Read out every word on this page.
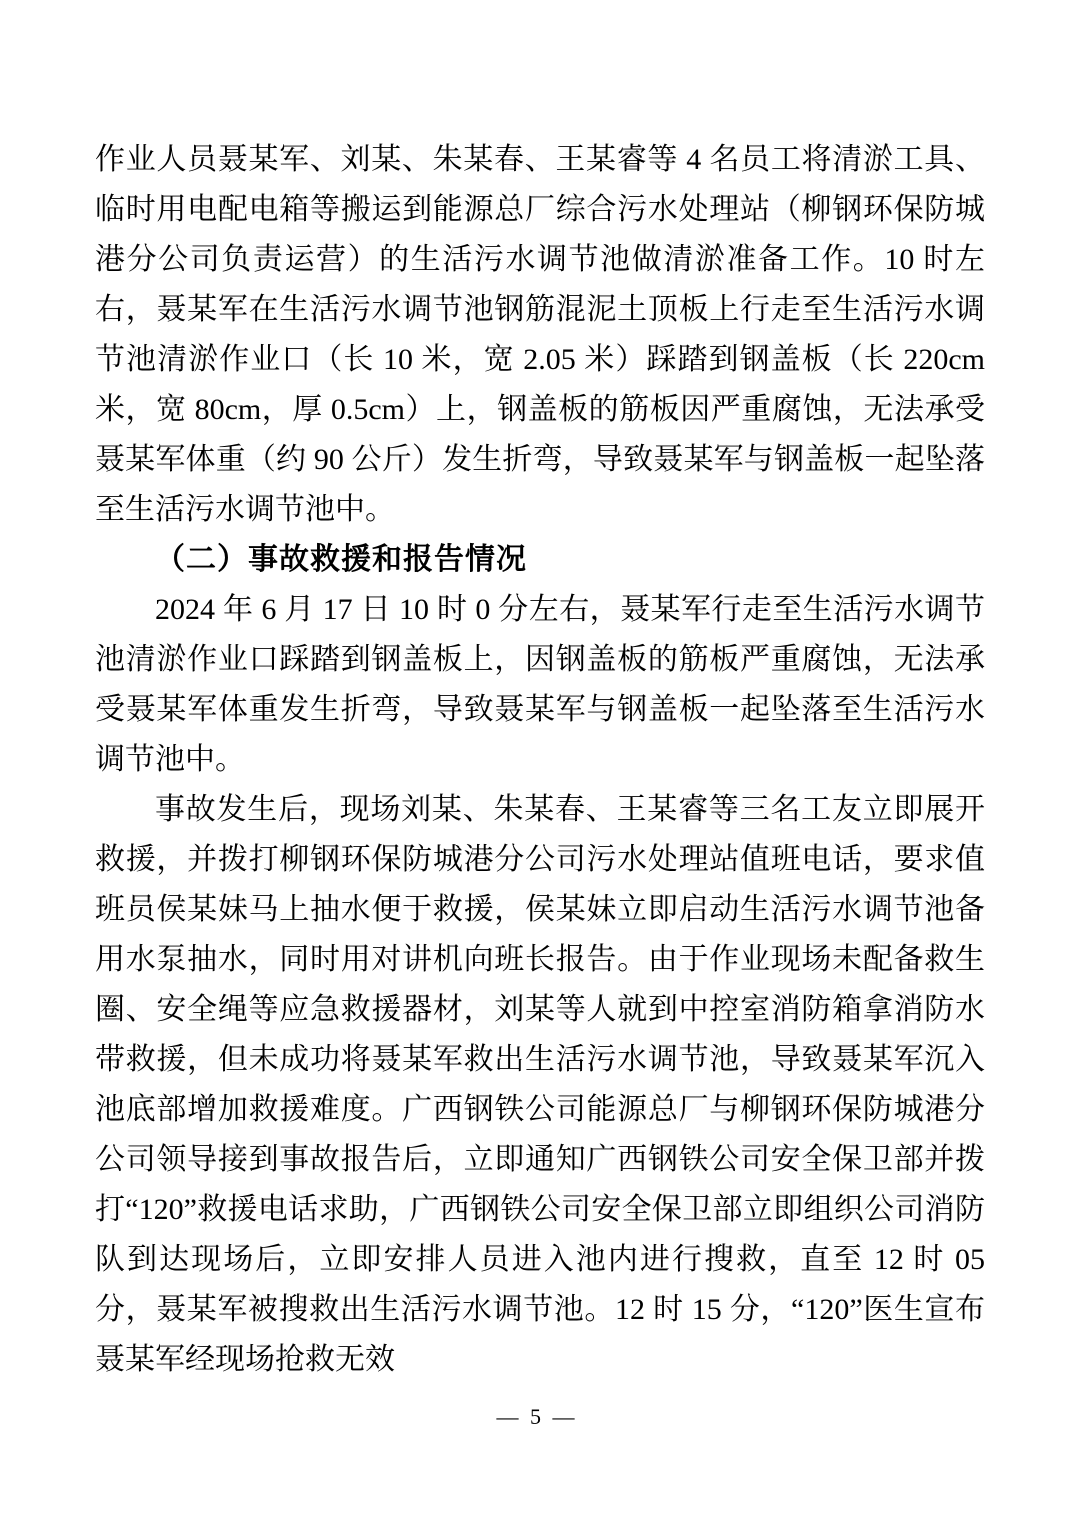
作业人员聂某军、刘某、朱某春、王某睿等 4 名员工将清淤工具、临时用电配电箱等搬运到能源总厂综合污水处理站（柳钢环保防城港分公司负责运营）的生活污水调节池做清淤准备工作。10 时左右，聂某军在生活污水调节池钢筋混泥土顶板上行走至生活污水调节池清淤作业口（长 10 米，宽 2.05 米）踩踏到钢盖板（长 220cm米，宽 80cm，厚 0.5cm）上，钢盖板的筋板因严重腐蚀，无法承受聂某军体重（约 90 公斤）发生折弯，导致聂某军与钢盖板一起坠落至生活污水调节池中。

（二）事故救援和报告情况

2024 年 6 月 17 日 10 时 0 分左右，聂某军行走至生活污水调节池清淤作业口踩踏到钢盖板上，因钢盖板的筋板严重腐蚀，无法承受聂某军体重发生折弯，导致聂某军与钢盖板一起坠落至生活污水调节池中。

事故发生后，现场刘某、朱某春、王某睿等三名工友立即展开救援，并拨打柳钢环保防城港分公司污水处理站值班电话，要求值班员侯某妹马上抽水便于救援，侯某妹立即启动生活污水调节池备用水泵抽水，同时用对讲机向班长报告。由于作业现场未配备救生圈、安全绳等应急救援器材，刘某等人就到中控室消防箱拿消防水带救援，但未成功将聂某军救出生活污水调节池，导致聂某军沉入池底部增加救援难度。广西钢铁公司能源总厂与柳钢环保防城港分公司领导接到事故报告后，立即通知广西钢铁公司安全保卫部并拨打“120”救援电话求助，广西钢铁公司安全保卫部立即组织公司消防队到达现场后，立即安排人员进入池内进行搜救，直至 12 时 05 分，聂某军被搜救出生活污水调节池。12 时 15 分，“120”医生宣布聂某军经现场抢救无效

— 5 —
